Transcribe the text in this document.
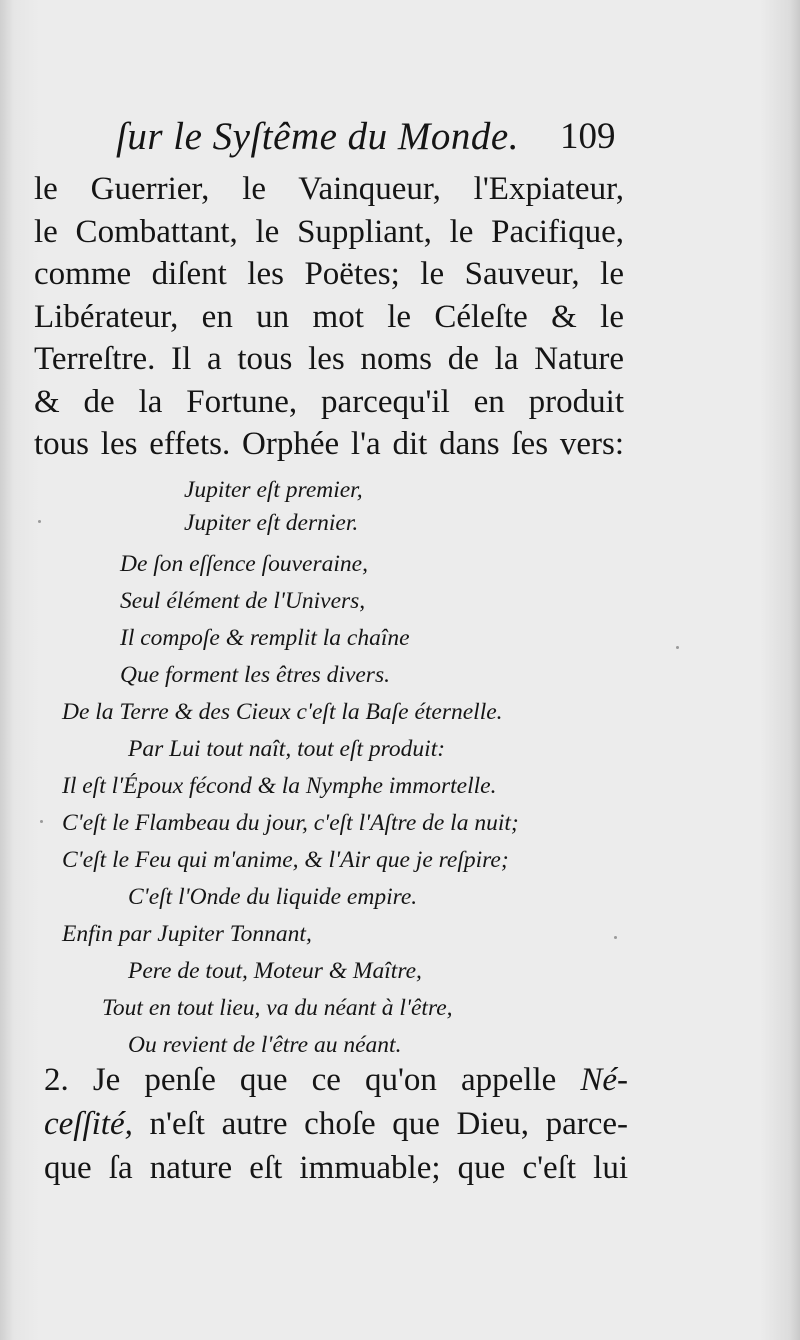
ſur le Syſtême du Monde. 109
le Guerrier, le Vainqueur, l'Expiateur,
le Combattant, le Suppliant, le Pacifique,
comme diſent les Poëtes; le Sauveur, le
Libérateur, en un mot le Céleſte & le
Terreſtre. Il a tous les noms de la Nature
& de la Fortune, parcequ'il en produit
tous les effets. Orphée l'a dit dans ſes vers:
Jupiter eſt premier,
Jupiter eſt dernier.
De ſon eſſence ſouveraine,
Seul élément de l'Univers,
Il compoſe & remplit la chaîne
Que forment les êtres divers.
De la Terre & des Cieux c'eſt la Baſe éternelle.
Par Lui tout naît, tout eſt produit:
Il eſt l'Époux fécond & la Nymphe immortelle.
C'eſt le Flambeau du jour, c'eſt l'Aſtre de la nuit;
C'eſt le Feu qui m'anime, & l'Air que je reſpire;
C'eſt l'Onde du liquide empire.
Enfin par Jupiter Tonnant,
Pere de tout, Moteur & Maître,
Tout en tout lieu, va du néant à l'être,
Ou revient de l'être au néant.
2. Je penſe que ce qu'on appelle Né-
ceſſité, n'eſt autre choſe que Dieu, parce-
que ſa nature eſt immuable; que c'eſt lui
